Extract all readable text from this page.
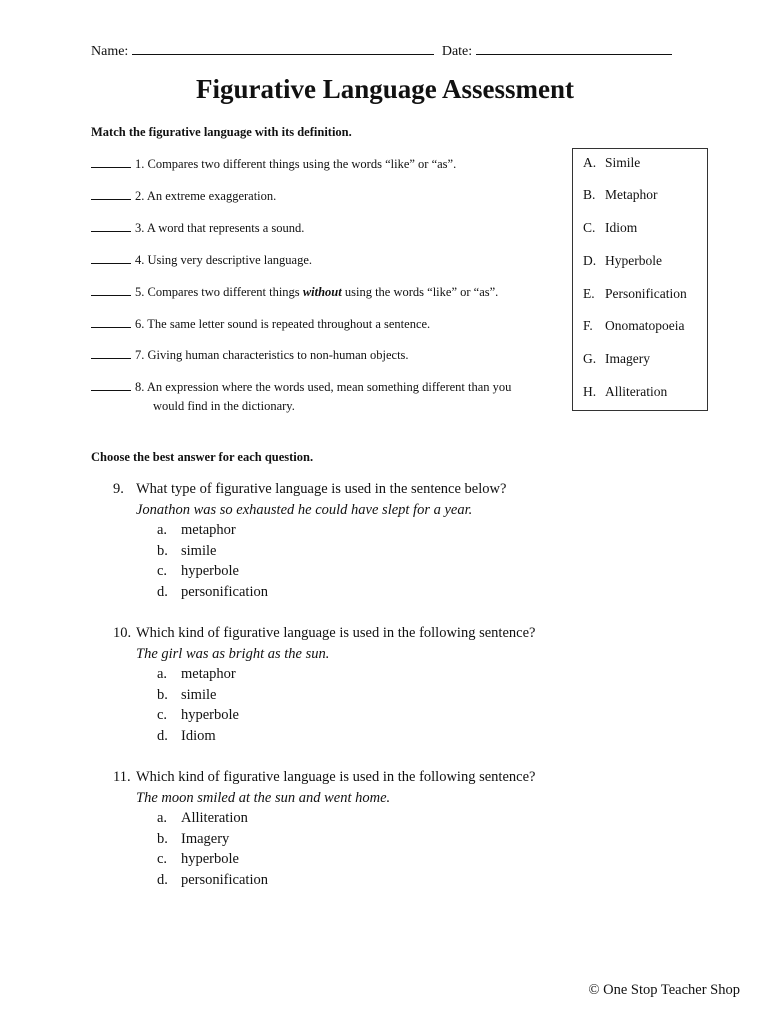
Name:	Date:
Figurative Language Assessment
Match the figurative language with its definition.
1. Compares two different things using the words “like” or “as”.
2. An extreme exaggeration.
3. A word that represents a sound.
4. Using very descriptive language.
5. Compares two different things without using the words “like” or “as”.
6. The same letter sound is repeated throughout a sentence.
7. Giving human characteristics to non-human objects.
8. An expression where the words used, mean something different than you
would find in the dictionary.
A. Simile
B. Metaphor
C. Idiom
D. Hyperbole
E. Personification
F. Onomatopoeia
G. Imagery
H. Alliteration
Choose the best answer for each question.
9. What type of figurative language is used in the sentence below?
Jonathon was so exhausted he could have slept for a year.
a. metaphor
b. simile
c. hyperbole
d. personification
10. Which kind of figurative language is used in the following sentence?
The girl was as bright as the sun.
a. metaphor
b. simile
c. hyperbole
d. Idiom
11. Which kind of figurative language is used in the following sentence?
The moon smiled at the sun and went home.
a. Alliteration
b. Imagery
c. hyperbole
d. personification
© One Stop Teacher Shop
